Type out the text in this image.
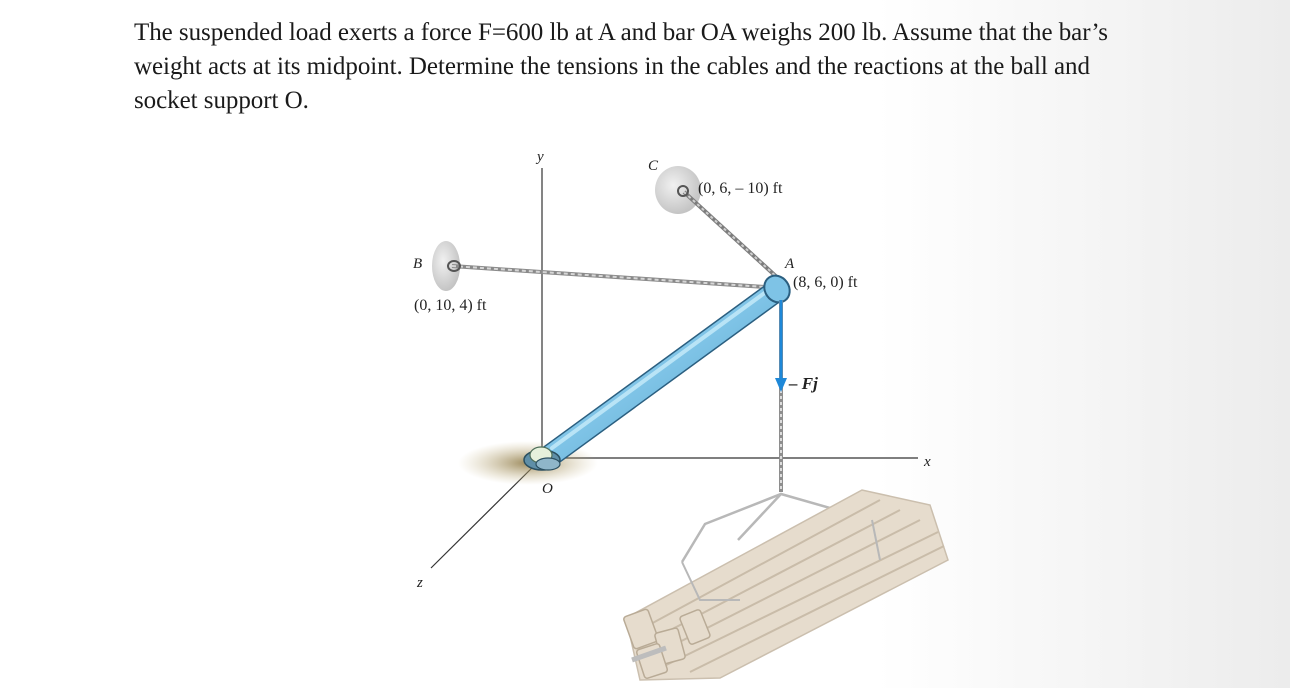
The suspended load exerts a force F=600 lb at A and bar OA weighs 200 lb. Assume that the bar’s
weight acts at its midpoint. Determine the tensions in the cables and the reactions at the ball and
socket support O.

y
x
z
O
A
B
C
(8, 6, 0) ft
(0, 10, 4) ft
(0, 6, – 10) ft
– Fj
